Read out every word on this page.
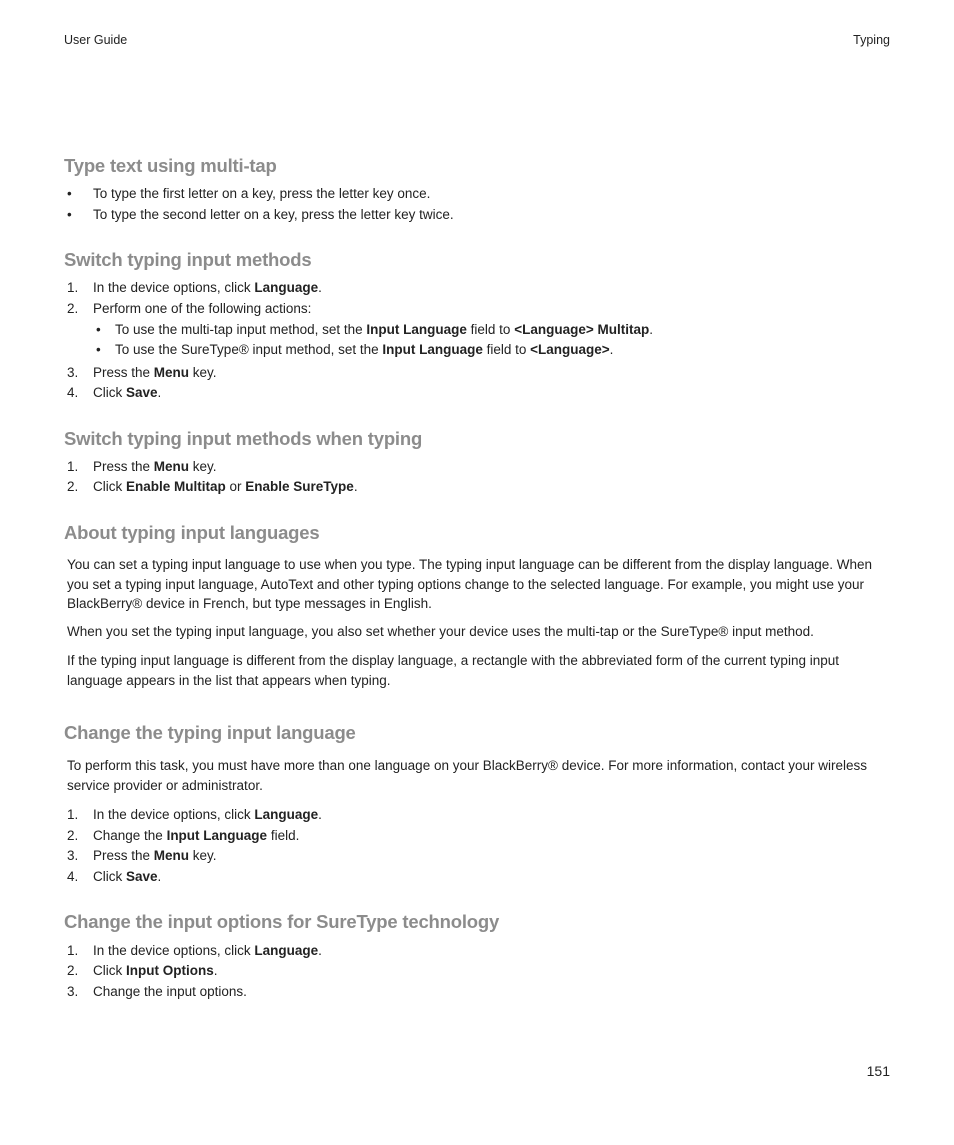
User Guide	Typing
Type text using multi-tap
• To type the first letter on a key, press the letter key once.
• To type the second letter on a key, press the letter key twice.
Switch typing input methods
1. In the device options, click Language.
2. Perform one of the following actions:
• To use the multi-tap input method, set the Input Language field to <Language> Multitap.
• To use the SureType® input method, set the Input Language field to <Language>.
3. Press the Menu key.
4. Click Save.
Switch typing input methods when typing
1. Press the Menu key.
2. Click Enable Multitap or Enable SureType.
About typing input languages
You can set a typing input language to use when you type. The typing input language can be different from the display language. When you set a typing input language, AutoText and other typing options change to the selected language. For example, you might use your BlackBerry® device in French, but type messages in English.
When you set the typing input language, you also set whether your device uses the multi-tap or the SureType® input method.
If the typing input language is different from the display language, a rectangle with the abbreviated form of the current typing input language appears in the list that appears when typing.
Change the typing input language
To perform this task, you must have more than one language on your BlackBerry® device. For more information, contact your wireless service provider or administrator.
1. In the device options, click Language.
2. Change the Input Language field.
3. Press the Menu key.
4. Click Save.
Change the input options for SureType technology
1. In the device options, click Language.
2. Click Input Options.
3. Change the input options.
151
